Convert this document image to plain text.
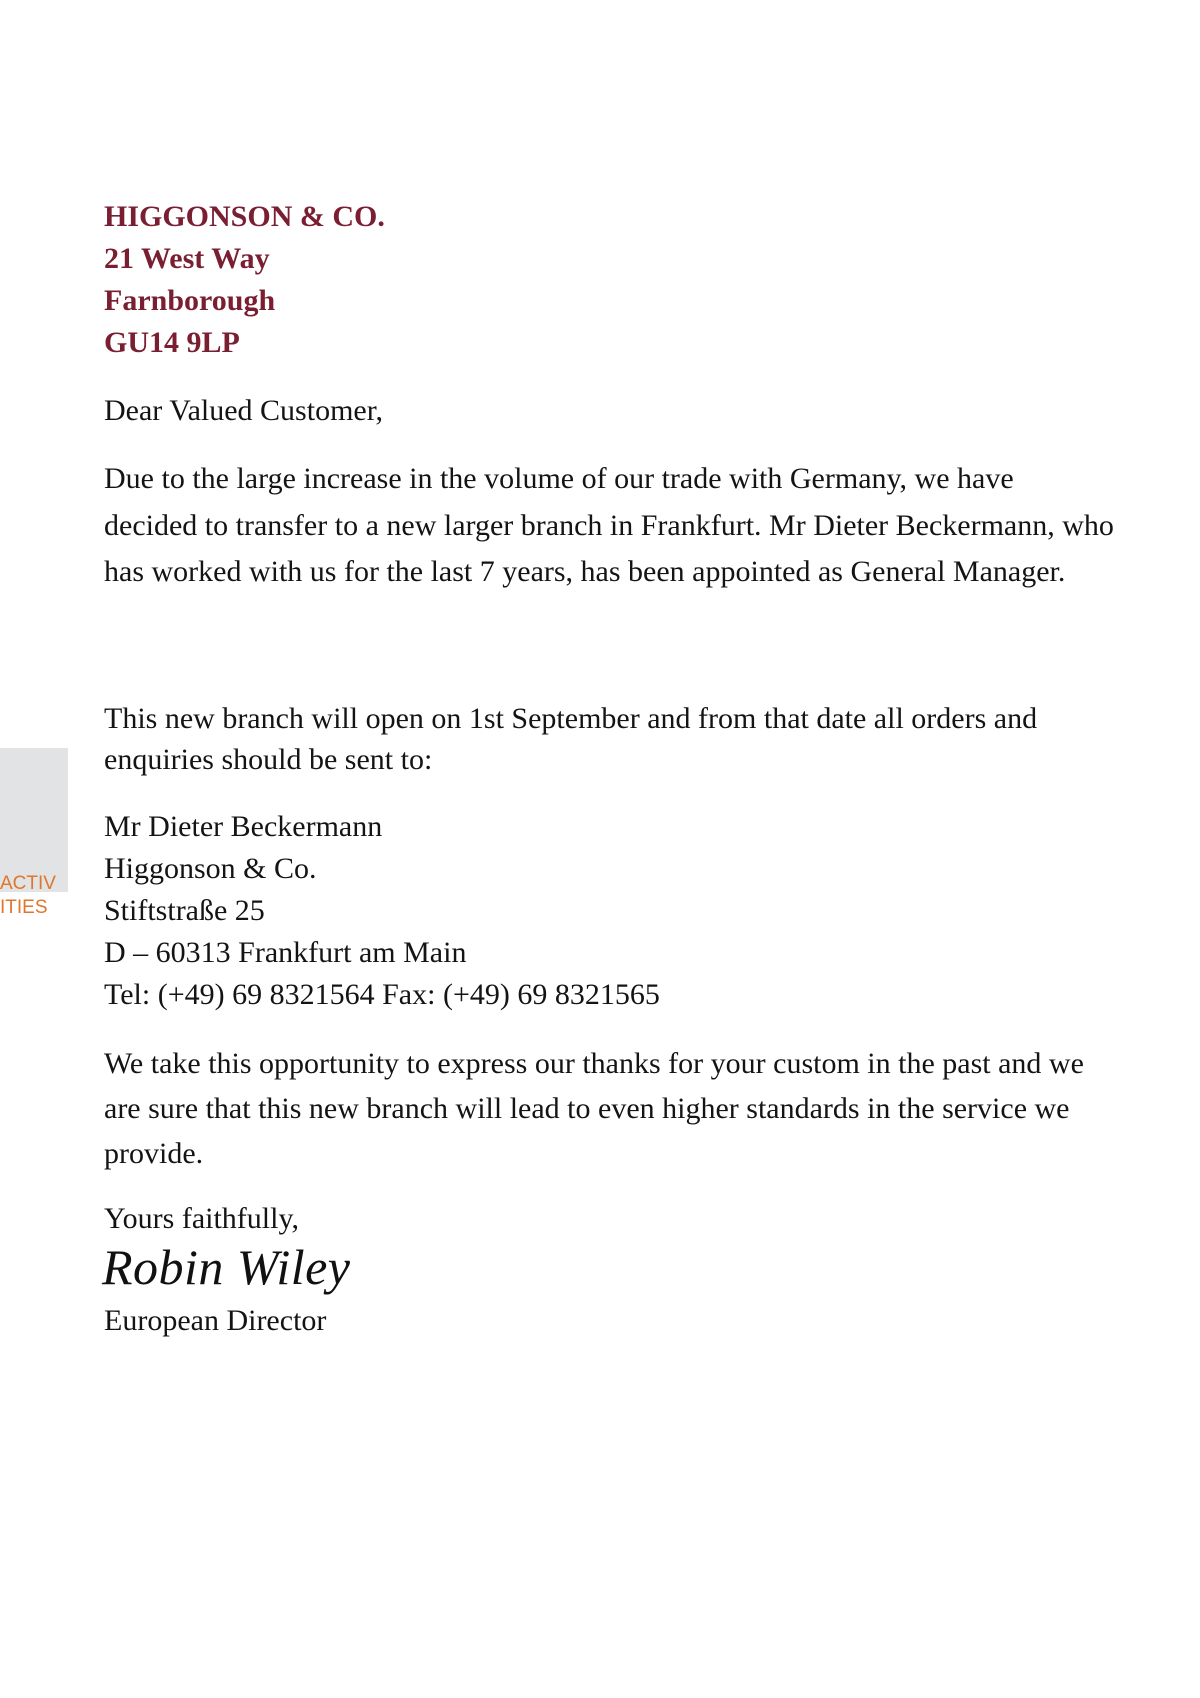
ACTIVITIES
HIGGONSON & CO.
21 West Way
Farnborough
GU14 9LP
Dear Valued Customer,
Due to the large increase in the volume of our trade with Germany, we have decided to transfer to a new larger branch in Frankfurt. Mr Dieter Beckermann, who has worked with us for the last 7 years, has been appointed as General Manager.
This new branch will open on 1st September and from that date all orders and enquiries should be sent to:
Mr Dieter Beckermann
Higgonson & Co.
Stiftstraße 25
D – 60313 Frankfurt am Main
Tel: (+49) 69 8321564 Fax: (+49) 69 8321565
We take this opportunity to express our thanks for your custom in the past and we are sure that this new branch will lead to even higher standards in the service we provide.
Yours faithfully,
Robin Wiley
European Director
